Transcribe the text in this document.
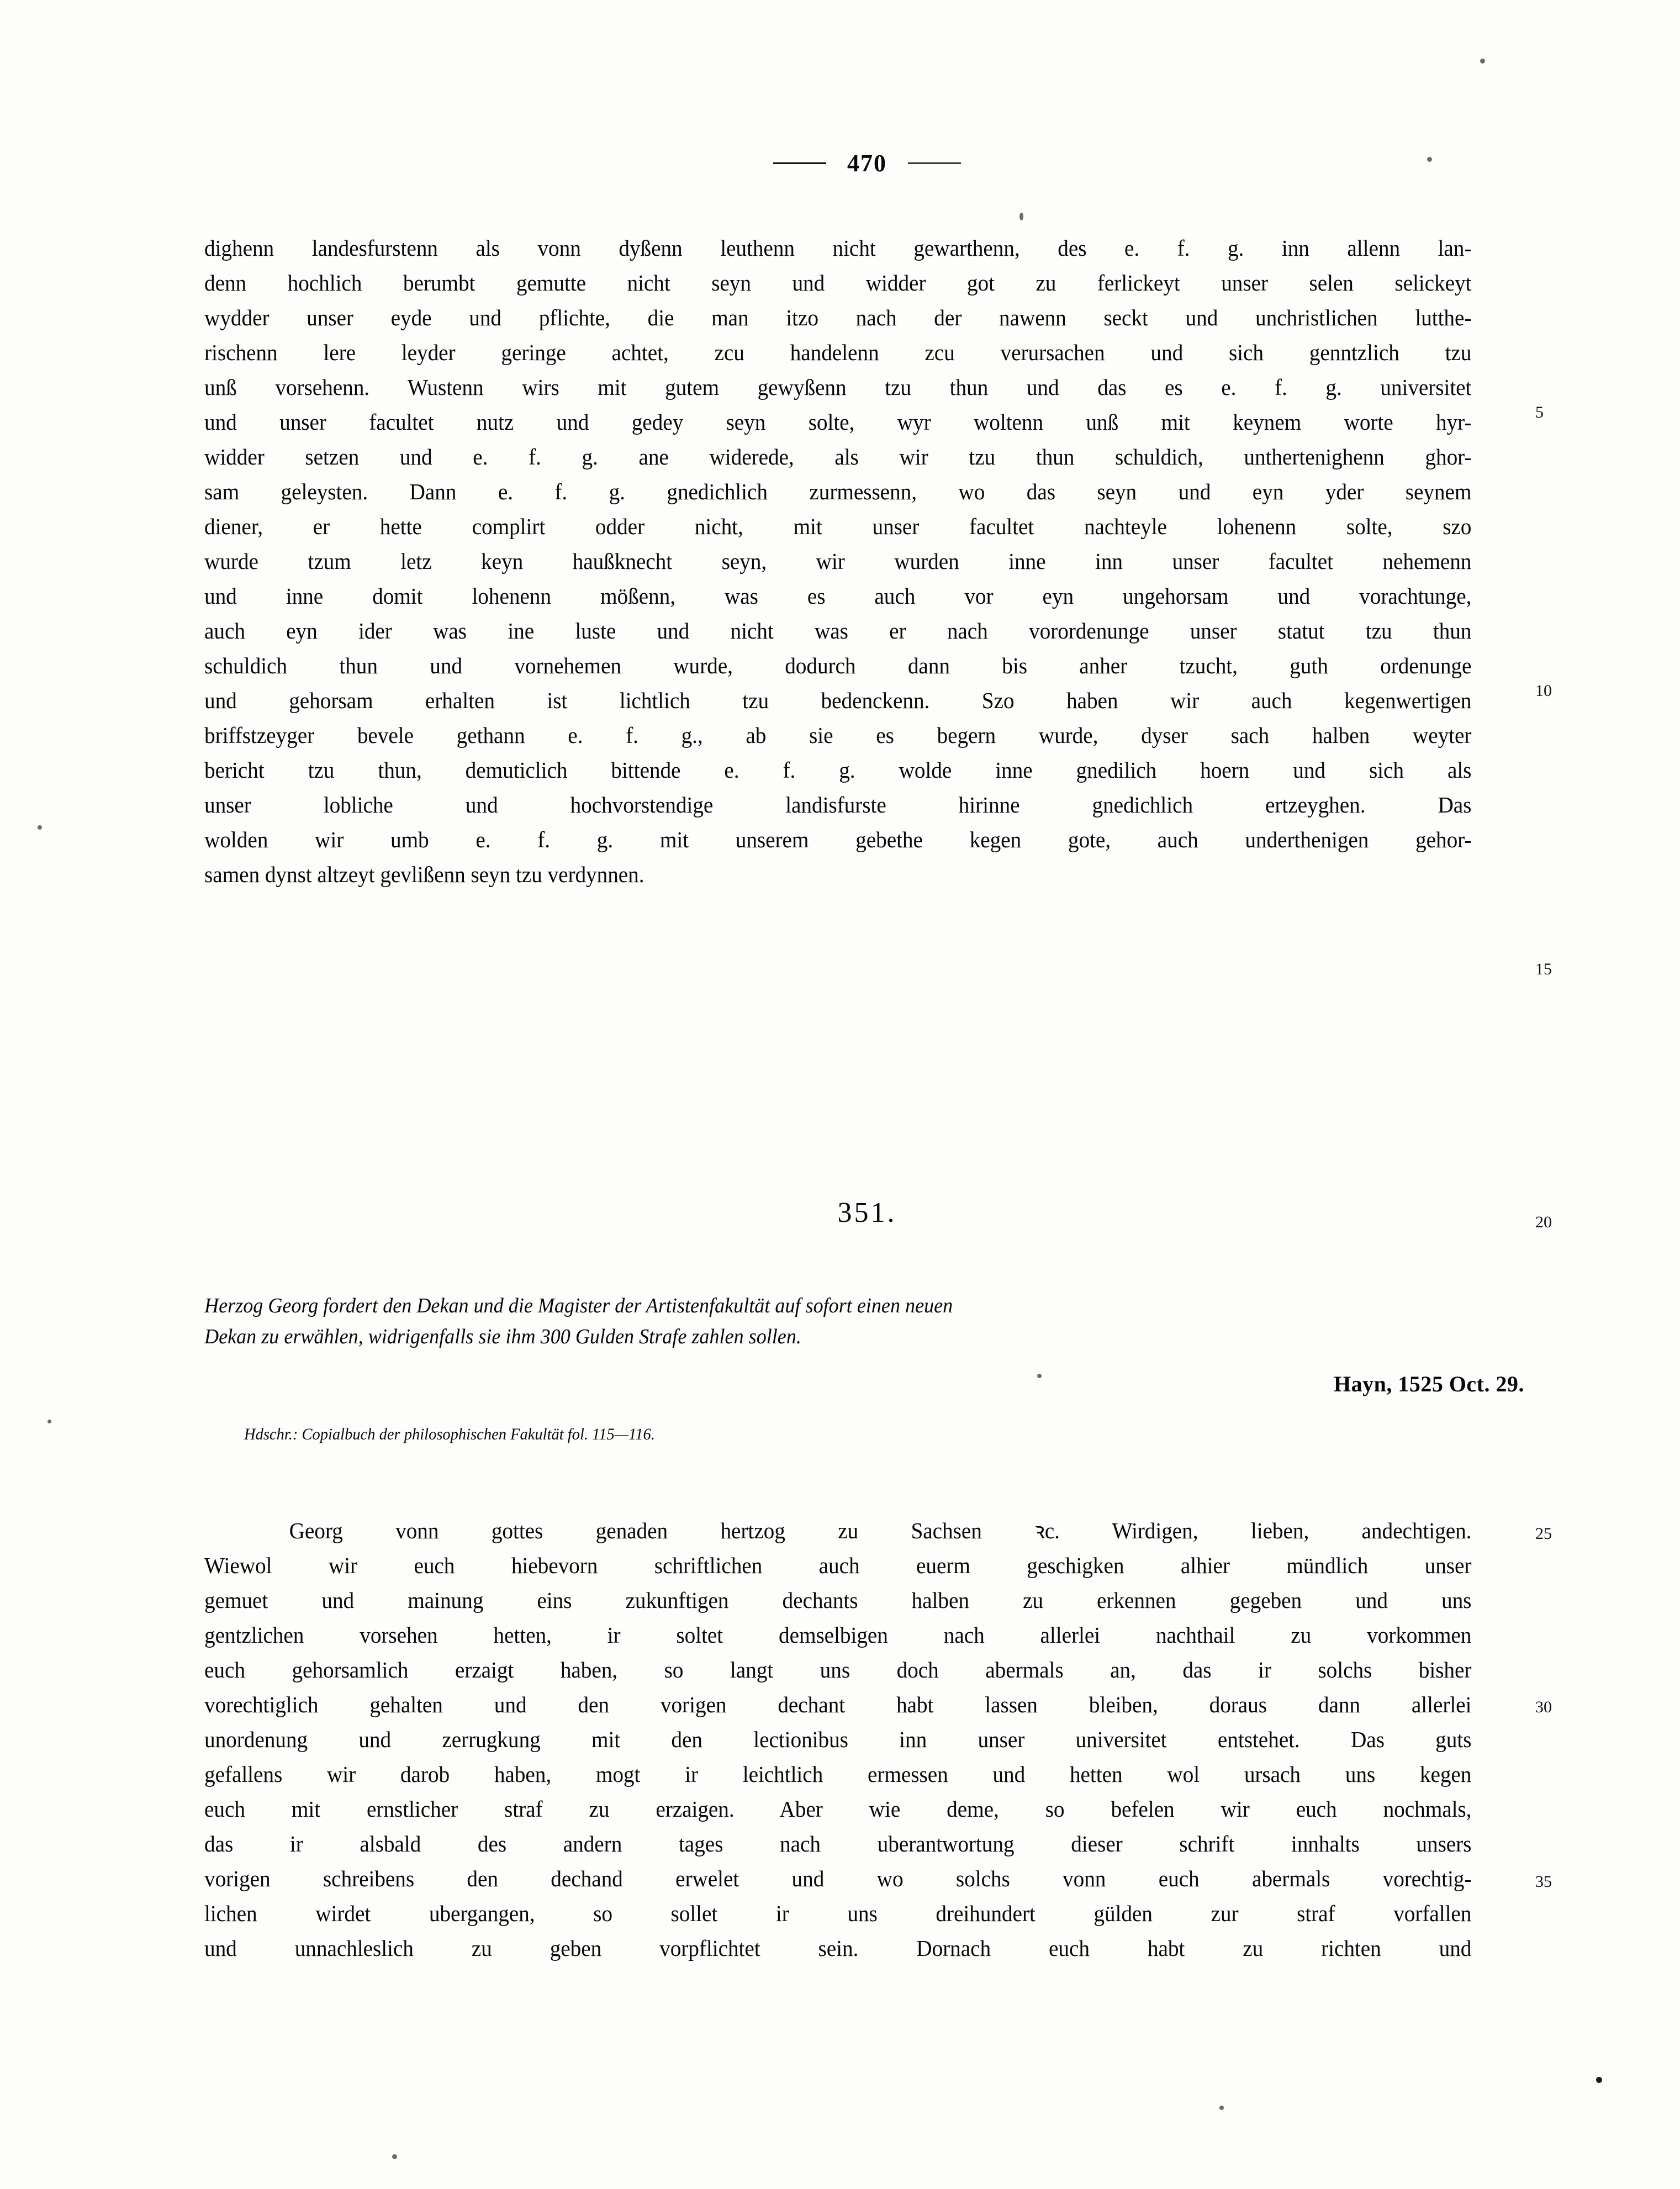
470
dighenn landesfurstenn als vonn dyßenn leuthenn nicht gewarthenn, des e. f. g. inn allenn lan-
denn hochlich berumbt gemutte nicht seyn und widder got zu ferlickeyt unser selen selickeyt
wydder unser eyde und pflichte, die man itzo nach der nawenn seckt und unchristlichen lutthe-
rischenn lere leyder geringe achtet, zcu handelenn zcu verursachen und sich genntzlich tzu
unß vorsehenn. Wustenn wirs mit gutem gewyßenn tzu thun und das es e. f. g. universitet
und unser facultet nutz und gedey seyn solte, wyr woltenn unß mit keynem worte hyr-
widder setzen und e. f. g. ane widerede, als wir tzu thun schuldich, unthertenighenn ghor-
sam geleysten. Dann e. f. g. gnedichlich zurmessenn, wo das seyn und eyn yder seynem
diener, er hette complirt odder nicht, mit unser facultet nachteyle lohenenn solte, szo
wurde tzum letz keyn haußknecht seyn, wir wurden inne inn unser facultet nehemenn
und inne domit lohenenn mößenn, was es auch vor eyn ungehorsam und vorachtunge,
auch eyn ider was ine luste und nicht was er nach vorordenunge unser statut tzu thun
schuldich thun und vornehemen wurde, dodurch dann bis anher tzucht, guth ordenunge
und gehorsam erhalten ist lichtlich tzu bedenckenn. Szo haben wir auch kegenwertigen
briffstzeyger bevele gethann e. f. g., ab sie es begern wurde, dyser sach halben weyter
bericht tzu thun, demuticlich bittende e. f. g. wolde inne gnedilich hoern und sich als
unser lobliche und hochvorstendige landisfurste hirinne gnedichlich ertzeyghen. Das
wolden wir umb e. f. g. mit unserem gebethe kegen gote, auch underthenigen gehor-
samen dynst altzeyt gevlißenn seyn tzu verdynnen.
351.
Herzog Georg fordert den Dekan und die Magister der Artistenfakultät auf sofort einen neuen
Dekan zu erwählen, widrigenfalls sie ihm 300 Gulden Strafe zahlen sollen.
Hayn, 1525 Oct. 29.
Hdschr.: Copialbuch der philosophischen Fakultät fol. 115—116.
Georg vonn gottes genaden hertzog zu Sachsen ꝛc. Wirdigen, lieben, andechtigen.
Wiewol wir euch hiebevorn schriftlichen auch euerm geschigken alhier mündlich unser
gemuet und mainung eins zukunftigen dechants halben zu erkennen gegeben und uns
gentzlichen vorsehen hetten, ir soltet demselbigen nach allerlei nachthail zu vorkommen
euch gehorsamlich erzaigt haben, so langt uns doch abermals an, das ir solchs bisher
vorechtiglich gehalten und den vorigen dechant habt lassen bleiben, doraus dann allerlei
unordenung und zerrugkung mit den lectionibus inn unser universitet entstehet. Das guts
gefallens wir darob haben, mogt ir leichtlich ermessen und hetten wol ursach uns kegen
euch mit ernstlicher straf zu erzaigen. Aber wie deme, so befelen wir euch nochmals,
das ir alsbald des andern tages nach uberantwortung dieser schrift innhalts unsers
vorigen schreibens den dechand erwelet und wo solchs vonn euch abermals vorechtig-
lichen wirdet ubergangen, so sollet ir uns dreihundert gülden zur straf vorfallen
und unnachleslich zu geben vorpflichtet sein. Dornach euch habt zu richten und
5
10
15
20
25
30
35
